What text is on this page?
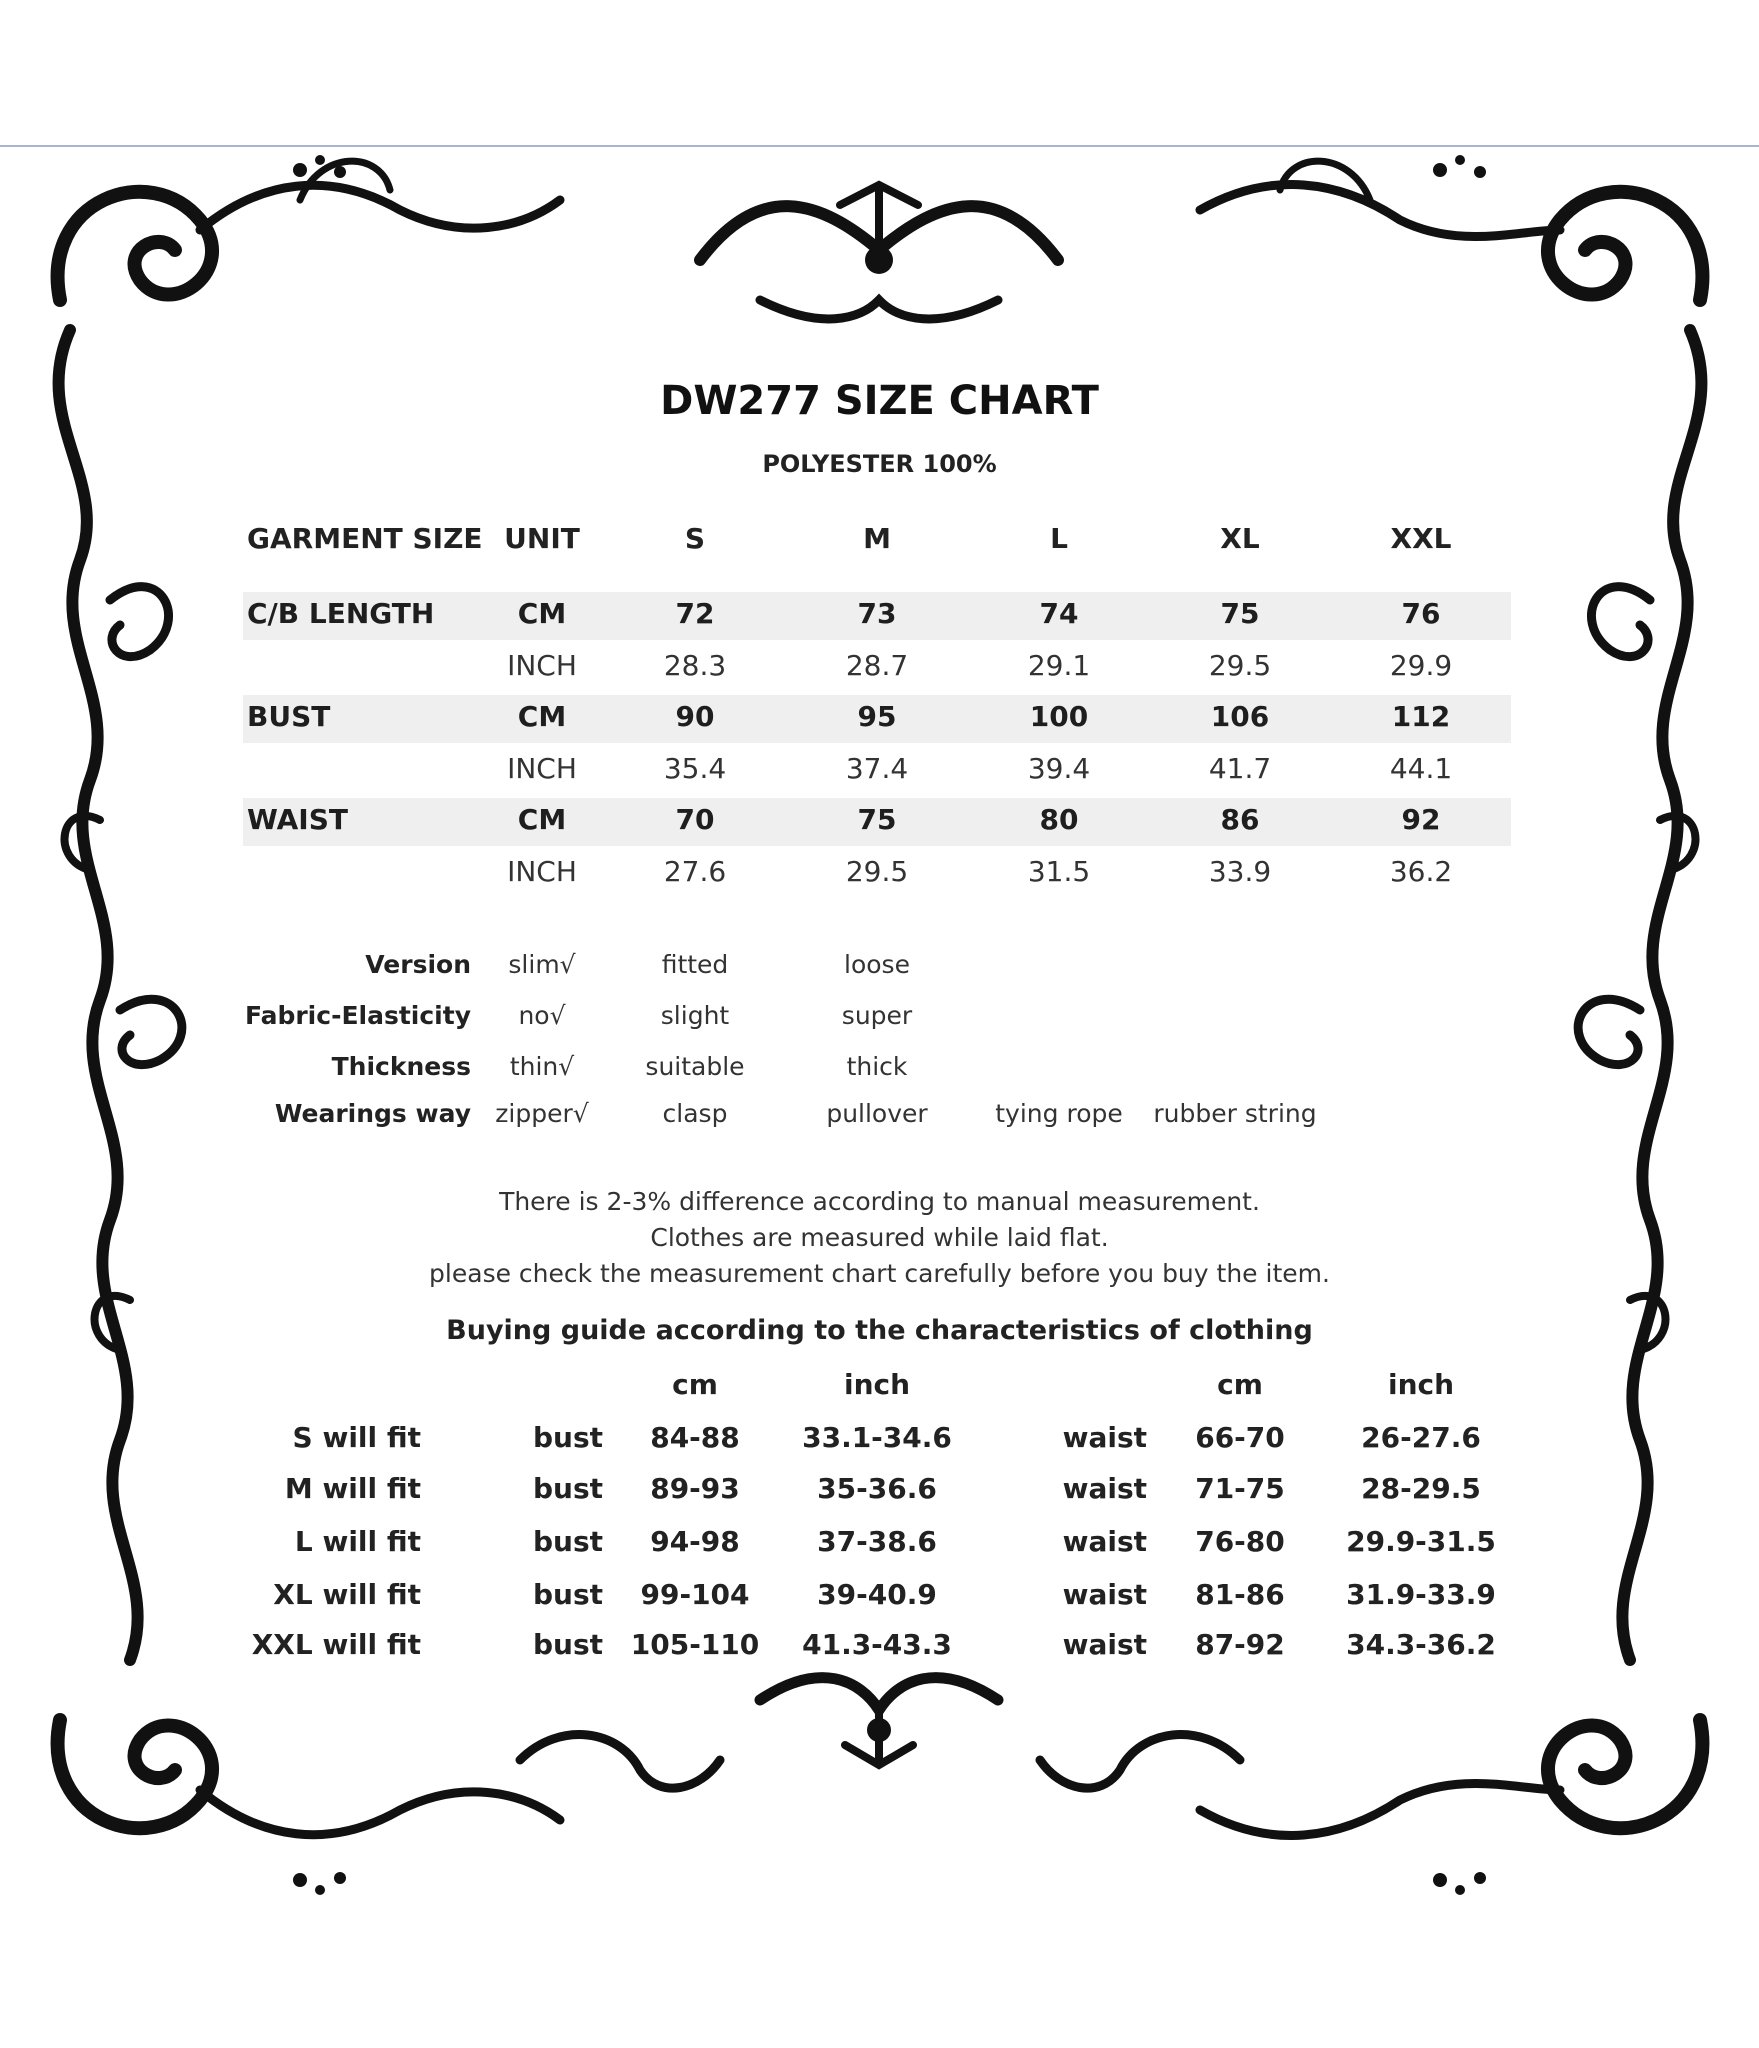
DW277 SIZE CHART
POLYESTER 100%
GARMENT SIZE UNIT	S	M	L	XL	XXL
C/B LENGTH	CM	72	73	74	75	76
INCH	28.3	28.7	29.1	29.5	29.9
BUST	CM	90	95	100	106	112
INCH	35.4	37.4	39.4	41.7	44.1
WAIST	CM	70	75	80	86	92
INCH	27.6	29.5	31.5	33.9	36.2
Version slim√	fitted	loose
Fabric-Elasticity no√	slight	super
Thickness thin√	suitable	thick
Wearings way zipper√	clasp	pullover	tying rope rubber string
There is 2-3% difference according to manual measurement.
Clothes are measured while laid flat.
please check the measurement chart carefully before you buy the item.
Buying guide according to the characteristics of clothing
cm	inch	cm	inch
S will fit	bust 84-88 33.1-34.6	waist 66-70	26-27.6
M will fit	bust 89-93	35-36.6	waist 71-75	28-29.5
L will fit	bust 94-98	37-38.6	waist 76-80 29.9-31.5
XL will fit	bust 99-104 39-40.9	waist 81-86 31.9-33.9
XXL will fit	bust 105-110 41.3-43.3	waist 87-92 34.3-36.2
